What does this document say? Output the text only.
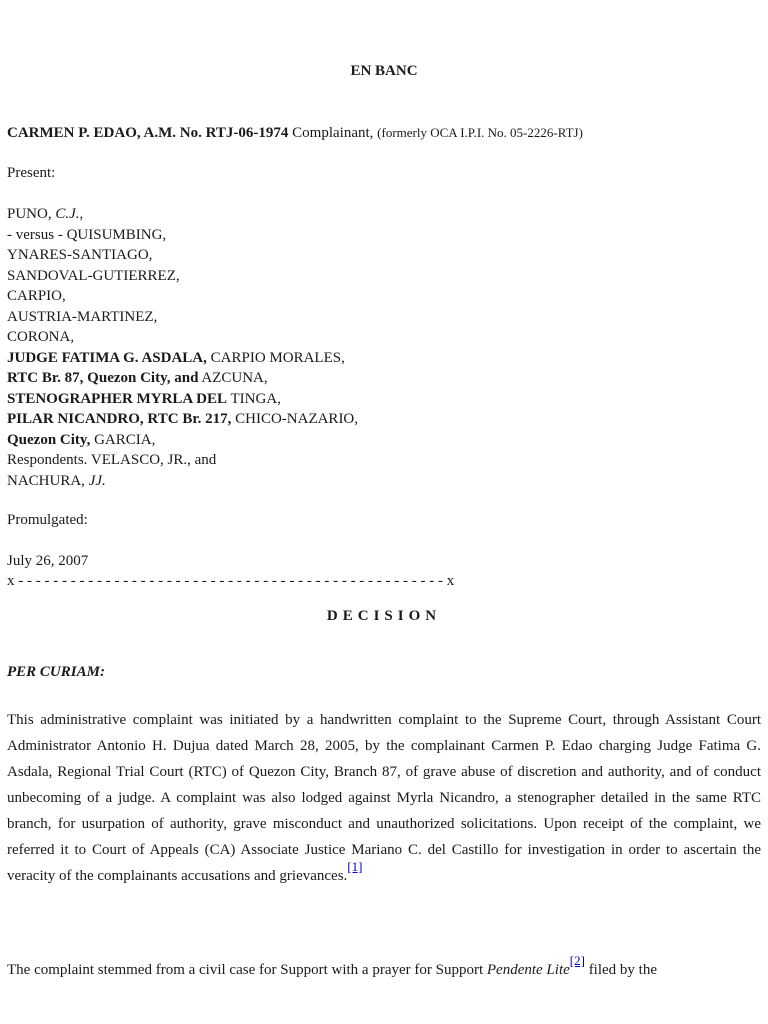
EN BANC
CARMEN P. EDAO, A.M. No. RTJ-06-1974 Complainant, (formerly OCA I.P.I. No. 05-2226-RTJ)
Present:
PUNO, C.J.,
- versus - QUISUMBING,
YNARES-SANTIAGO,
SANDOVAL-GUTIERREZ,
CARPIO,
AUSTRIA-MARTINEZ,
CORONA,
JUDGE FATIMA G. ASDALA, CARPIO MORALES,
RTC Br. 87, Quezon City, and AZCUNA,
STENOGRAPHER MYRLA DEL TINGA,
PILAR NICANDRO, RTC Br. 217, CHICO-NAZARIO,
Quezon City, GARCIA,
Respondents. VELASCO, JR., and
NACHURA, JJ.
Promulgated:
July 26, 2007
x - - - - - - - - - - - - - - - - - - - - - - - - - - - - - - - - - - - - - - - - - - - - - - - - - x
DECISION
PER CURIAM:
This administrative complaint was initiated by a handwritten complaint to the Supreme Court, through Assistant Court Administrator Antonio H. Dujua dated March 28, 2005, by the complainant Carmen P. Edao charging Judge Fatima G. Asdala, Regional Trial Court (RTC) of Quezon City, Branch 87, of grave abuse of discretion and authority, and of conduct unbecoming of a judge. A complaint was also lodged against Myrla Nicandro, a stenographer detailed in the same RTC branch, for usurpation of authority, grave misconduct and unauthorized solicitations. Upon receipt of the complaint, we referred it to Court of Appeals (CA) Associate Justice Mariano C. del Castillo for investigation in order to ascertain the veracity of the complainants accusations and grievances.[1]
The complaint stemmed from a civil case for Support with a prayer for Support Pendente Lite[2] filed by the
